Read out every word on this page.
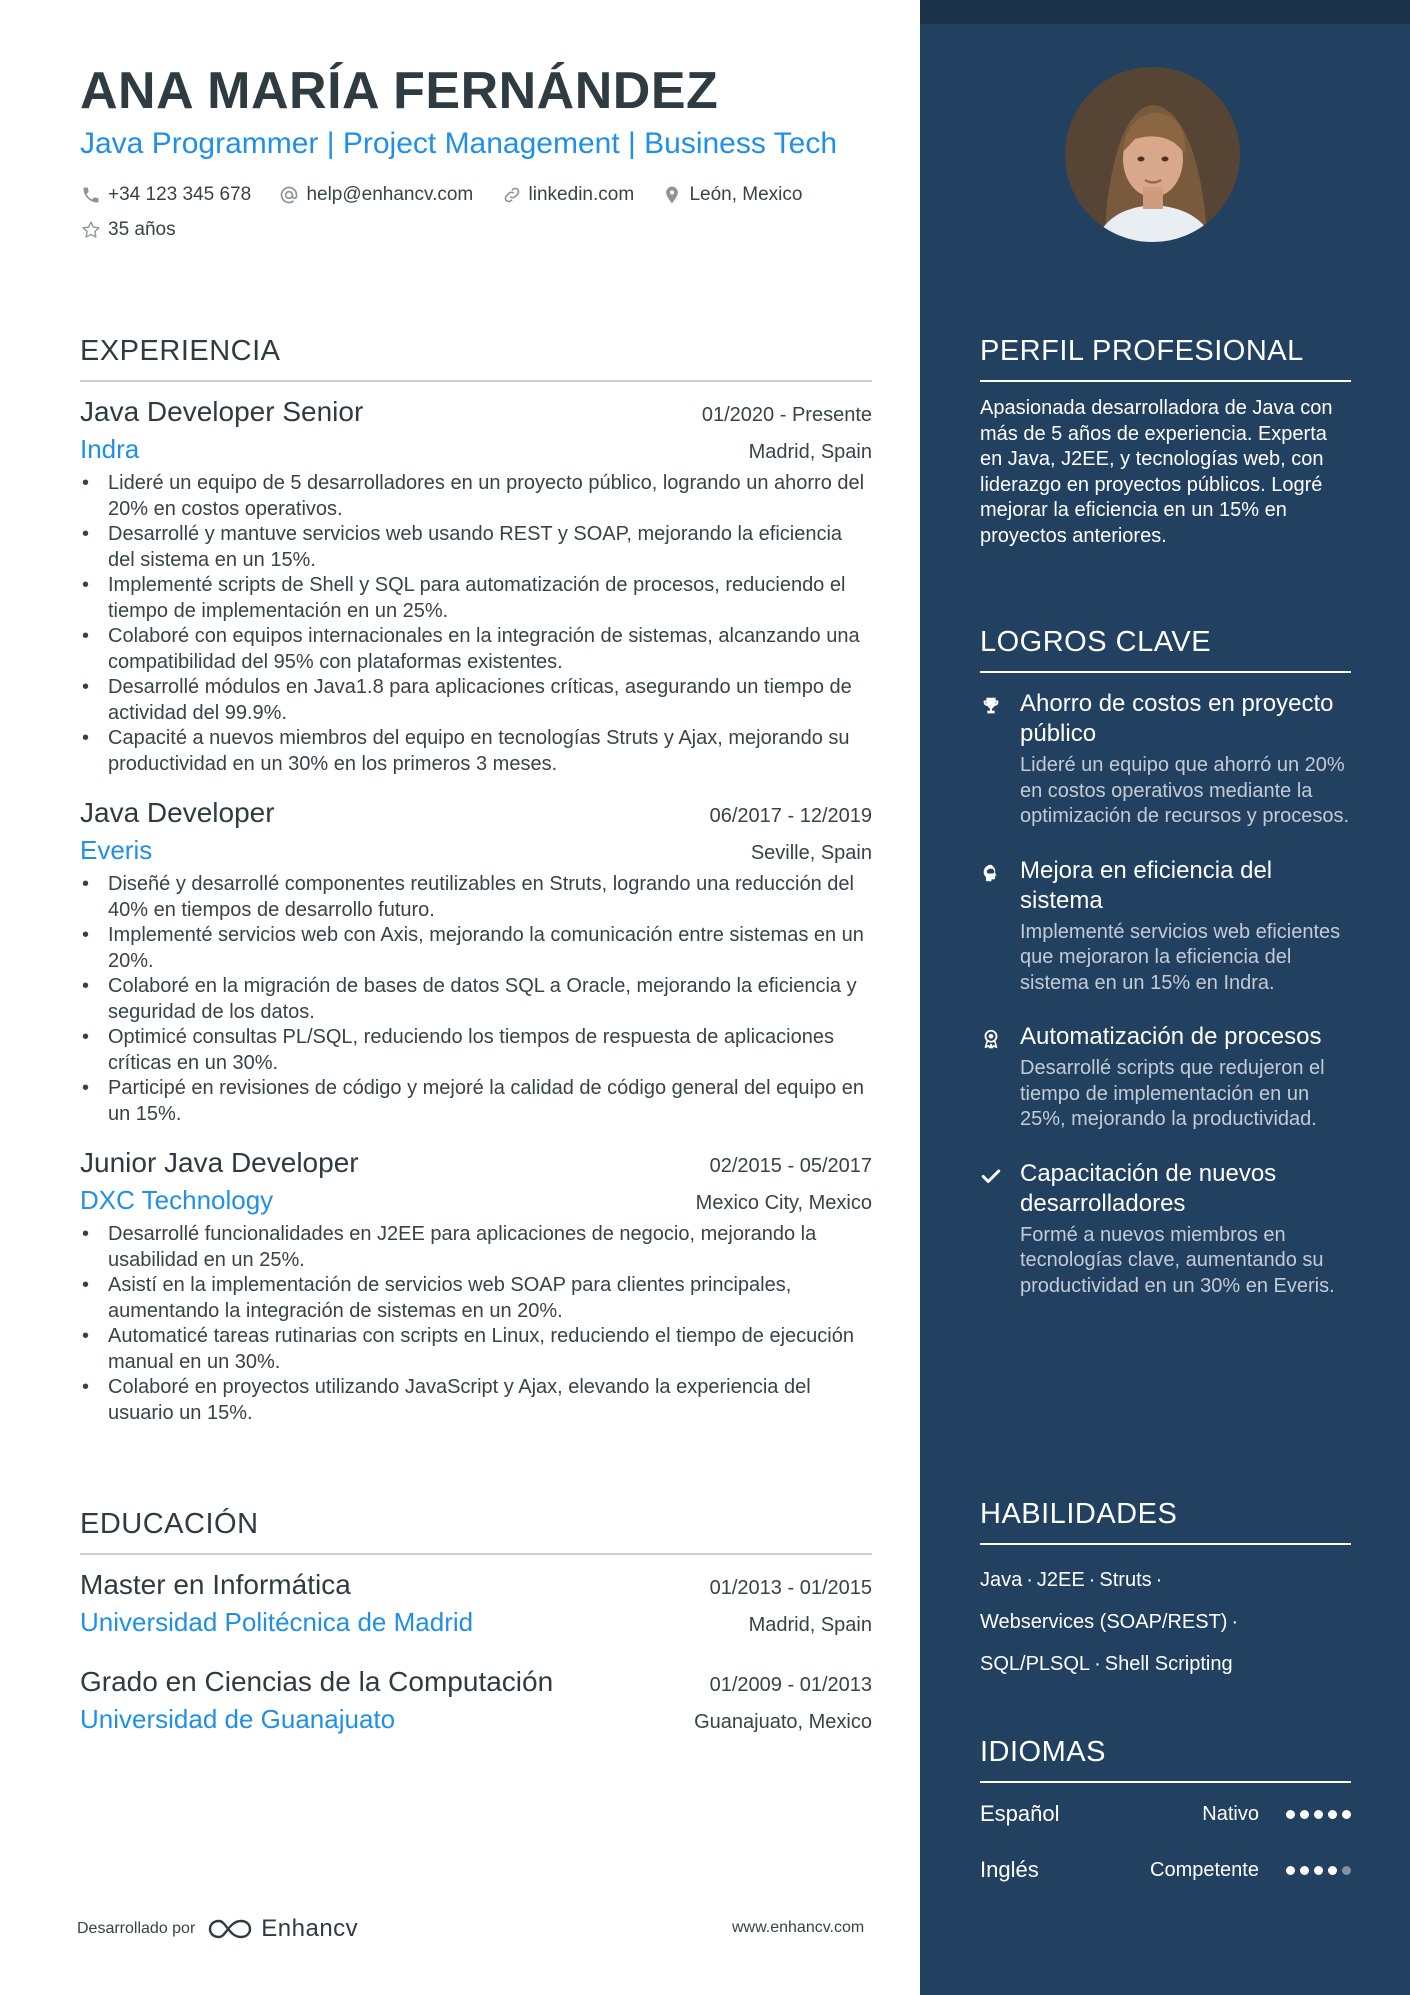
ANA MARÍA FERNÁNDEZ
Java Programmer | Project Management | Business Tech
+34 123 345 678
	help@enhancv.com
	linkedin.com
	León, Mexico

35 años
EXPERIENCIA
Java Developer Senior	01/2020 - Presente
Indra	Madrid, Spain
• Lideré un equipo de 5 desarrolladores en un proyecto público, logrando un ahorro del 20% en costos operativos.
• Desarrollé y mantuve servicios web usando REST y SOAP, mejorando la eficiencia del sistema en un 15%.
• Implementé scripts de Shell y SQL para automatización de procesos, reduciendo el tiempo de implementación en un 25%.
• Colaboré con equipos internacionales en la integración de sistemas, alcanzando una compatibilidad del 95% con plataformas existentes.
• Desarrollé módulos en Java1.8 para aplicaciones críticas, asegurando un tiempo de actividad del 99.9%.
• Capacité a nuevos miembros del equipo en tecnologías Struts y Ajax, mejorando su productividad en un 30% en los primeros 3 meses.
Java Developer	06/2017 - 12/2019
Everis	Seville, Spain
• Diseñé y desarrollé componentes reutilizables en Struts, logrando una reducción del 40% en tiempos de desarrollo futuro.
• Implementé servicios web con Axis, mejorando la comunicación entre sistemas en un 20%.
• Colaboré en la migración de bases de datos SQL a Oracle, mejorando la eficiencia y seguridad de los datos.
• Optimicé consultas PL/SQL, reduciendo los tiempos de respuesta de aplicaciones críticas en un 30%.
• Participé en revisiones de código y mejoré la calidad de código general del equipo en un 15%.
Junior Java Developer	02/2015 - 05/2017
DXC Technology	Mexico City, Mexico
• Desarrollé funcionalidades en J2EE para aplicaciones de negocio, mejorando la usabilidad en un 25%.
• Asistí en la implementación de servicios web SOAP para clientes principales, aumentando la integración de sistemas en un 20%.
• Automaticé tareas rutinarias con scripts en Linux, reduciendo el tiempo de ejecución manual en un 30%.
• Colaboré en proyectos utilizando JavaScript y Ajax, elevando la experiencia del usuario un 15%.
EDUCACIÓN
Master en Informática	01/2013 - 01/2015
Universidad Politécnica de Madrid	Madrid, Spain
Grado en Ciencias de la Computación	01/2009 - 01/2013
Universidad de Guanajuato	Guanajuato, Mexico
Desarrollado por	Enhancv	www.enhancv.com
PERFIL PROFESIONAL
Apasionada desarrolladora de Java con más de 5 años de experiencia. Experta en Java, J2EE, y tecnologías web, con liderazgo en proyectos públicos. Logré mejorar la eficiencia en un 15% en proyectos anteriores.
LOGROS CLAVE
Ahorro de costos en proyecto público
Lideré un equipo que ahorró un 20% en costos operativos mediante la optimización de recursos y procesos.
Mejora en eficiencia del sistema
Implementé servicios web eficientes que mejoraron la eficiencia del sistema en un 15% en Indra.
Automatización de procesos
Desarrollé scripts que redujeron el tiempo de implementación en un 25%, mejorando la productividad.
Capacitación de nuevos desarrolladores
Formé a nuevos miembros en tecnologías clave, aumentando su productividad en un 30% en Everis.
HABILIDADES
Java · J2EE · Struts ·
Webservices (SOAP/REST) ·
SQL/PLSQL · Shell Scripting
IDIOMAS
Español	Nativo
Inglés	Competente
